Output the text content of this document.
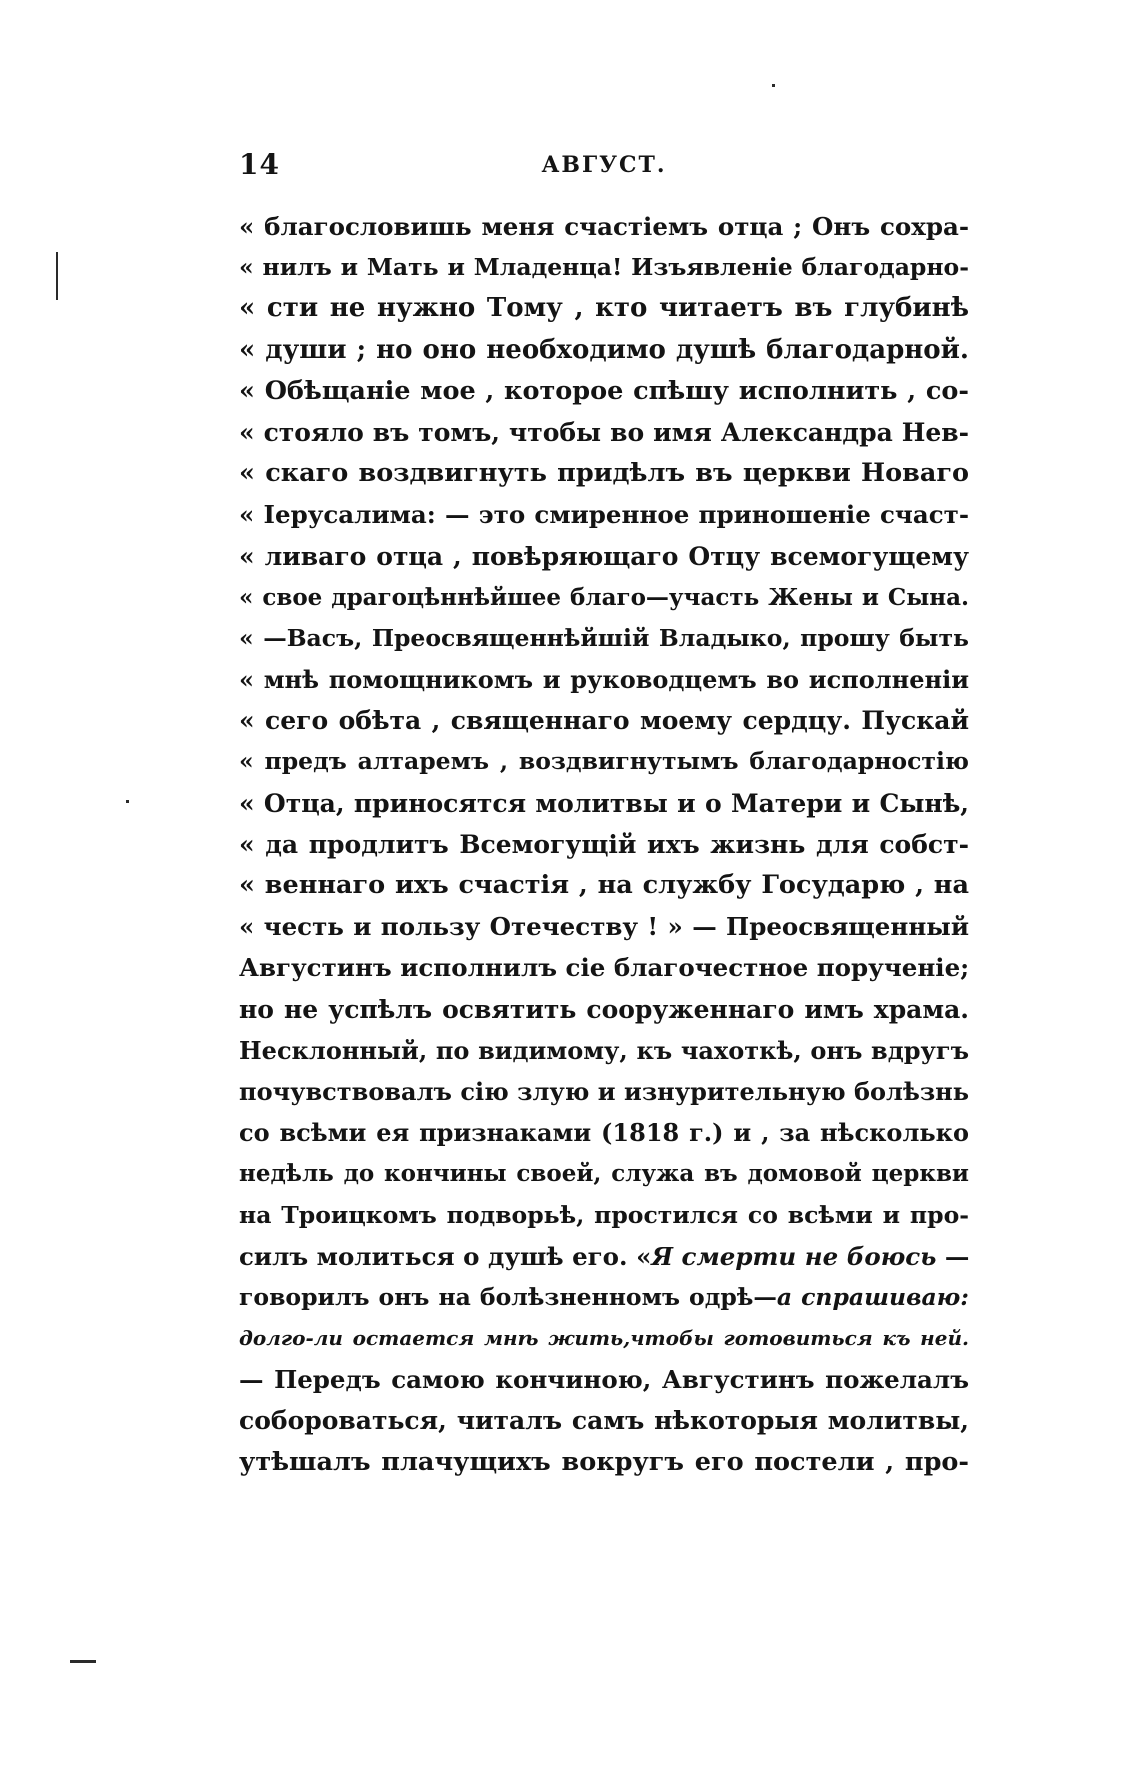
14	АВГУСТ.
« благословишь меня счастiемъ отца ; Онъ сохра-
« нилъ и Мать и Младенца! Изъявленiе благодарно-
« сти не нужно Тому , кто читаетъ въ глубинѣ
« души ; но оно необходимо душѣ благодарной.
« Обѣщанiе мое , которое спѣшу исполнить , со-
« стояло въ томъ, чтобы во имя Александра Нев-
« скаго воздвигнуть придѣлъ въ церкви Новаго
« Iерусалима: — это смиренное приношенiе счаст-
« ливаго отца , повѣряющаго Отцу всемогущему
« свое драгоцѣннѣйшее благо—участь Жены и Сына.
« —Васъ, Преосвященнѣйшiй Владыко, прошу быть
« мнѣ помощникомъ и руководцемъ во исполненiи
« сего обѣта , священнаго моему сердцу. Пускай
« предъ алтаремъ , воздвигнутымъ благодарностiю
« Отца, приносятся молитвы и о Матери и Сынѣ,
« да продлитъ Всемогущiй ихъ жизнь для собст-
« веннаго ихъ счастiя , на службу Государю , на
« честь и пользу Отечеству ! » — Преосвященный
Августинъ исполнилъ сiе благочестное порученiе;
но не успѣлъ освятить сооруженнаго имъ храма.
Несклонный, по видимому, къ чахоткѣ, онъ вдругъ
почувствовалъ сiю злую и изнурительную болѣзнь
со всѣми ея признаками (1818 г.) и , за нѣсколько
недѣль до кончины своей, служа въ домовой церкви
на Троицкомъ подворьѣ, простился со всѣми и про-
силъ молиться о душѣ его. «Я смерти не боюсь —
говорилъ онъ на болѣзненномъ одрѣ—а спрашиваю:
долго-ли остается мнѣ жить,чтобы готовиться къ ней.
— Передъ самою кончиною, Августинъ пожелалъ
собороваться, читалъ самъ нѣкоторыя молитвы,
утѣшалъ плачущихъ вокругъ его постели , про-
